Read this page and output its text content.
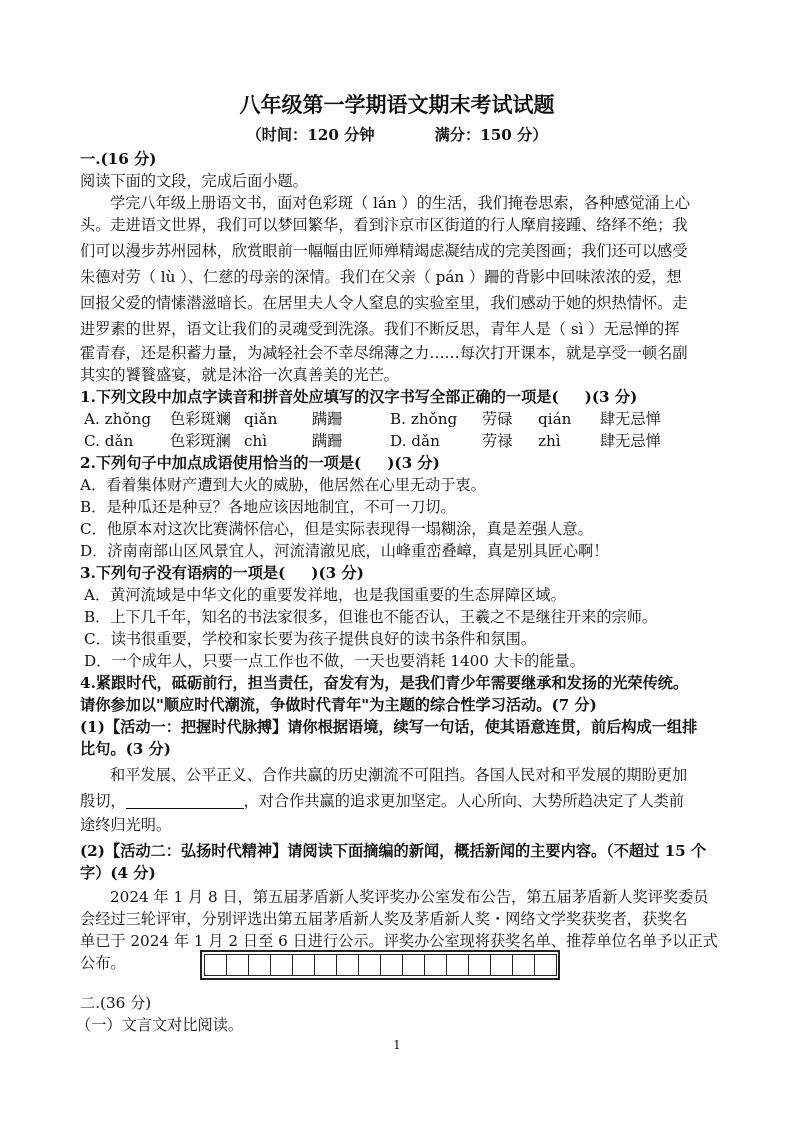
八年级第一学期语文期末考试试题
（时间：120 分钟	满分：150 分）
一.(16 分)
阅读下面的文段，完成后面小题。
学完八年级上册语文书，面对色彩斑（ lán ）的生活，我们掩卷思索，各种感觉涌上心
头。走进语文世界，我们可以梦回繁华，看到汴京市区街道的行人摩肩接踵、络绎不绝；我
们可以漫步苏州园林，欣赏眼前一幅幅由匠师殚精竭虑凝结成的完美图画；我们还可以感受
朱德对劳（ lù ）、仁慈的母亲的深情。我们在父亲（ pán ）跚的背影中回味浓浓的爱，想
回报父爱的情愫潜滋暗长。在居里夫人令人窒息的实验室里，我们感动于她的炽热情怀。走
进罗素的世界，语文让我们的灵魂受到洗涤。我们不断反思，青年人是（ sì ）无忌惮的挥
霍青春，还是积蓄力量，为减轻社会不幸尽绵薄之力……每次打开课本，就是享受一顿名副
其实的饕餮盛宴，就是沐浴一次真善美的光芒。
1.下列文段中加点字读音和拼音处应填写的汉字书写全部正确的一项是( )(3 分)
A. zhǒng 色彩斑斓 qiǎn 蹒跚	B. zhǒng 劳碌 qián 肆无忌惮
C. dǎn 色彩斑澜 chì	蹒跚	D. dǎn	劳禄 zhì	肆无忌惮
2.下列句子中加点成语使用恰当的一项是( )(3 分)
A．看着集体财产遭到大火的威胁，他居然在心里无动于衷。
B．是种瓜还是种豆？各地应该因地制宜，不可一刀切。
C．他原本对这次比赛满怀信心，但是实际表现得一塌糊涂，真是差强人意。
D．济南南部山区风景宜人，河流清澈见底，山峰重峦叠嶂，真是别具匠心啊！
3.下列句子没有语病的一项是( )(3 分)
A．黄河流域是中华文化的重要发祥地，也是我国重要的生态屏障区域。
B．上下几千年，知名的书法家很多，但谁也不能否认，王羲之不是继往开来的宗师。
C．读书很重要，学校和家长要为孩子提供良好的读书条件和氛围。
D．一个成年人，只要一点工作也不做，一天也要消耗 1400 大卡的能量。
4.紧跟时代，砥砺前行，担当责任，奋发有为，是我们青少年需要继承和发扬的光荣传统。
请你参加以"顺应时代潮流，争做时代青年"为主题的综合性学习活动。(7 分)
(1)【活动一：把握时代脉搏】请你根据语境，续写一句话，使其语意连贯，前后构成一组排
比句。(3 分)
和平发展、公平正义、合作共赢的历史潮流不可阻挡。各国人民对和平发展的期盼更加
殷切，	，对合作共赢的追求更加坚定。人心所向、大势所趋决定了人类前
途终归光明。
(2)【活动二：弘扬时代精神】请阅读下面摘编的新闻，概括新闻的主要内容。（不超过 15 个
字）(4 分)
2024 年 1 月 8 日，第五届茅盾新人奖评奖办公室发布公告，第五届茅盾新人奖评奖委员
会经过三轮评审，分别评选出第五届茅盾新人奖及茅盾新人奖・网络文学奖获奖者，获奖名
单已于 2024 年 1 月 2 日至 6 日进行公示。评奖办公室现将获奖名单、推荐单位名单予以正式
公布。
二.(36 分)
（一）文言文对比阅读。
1
